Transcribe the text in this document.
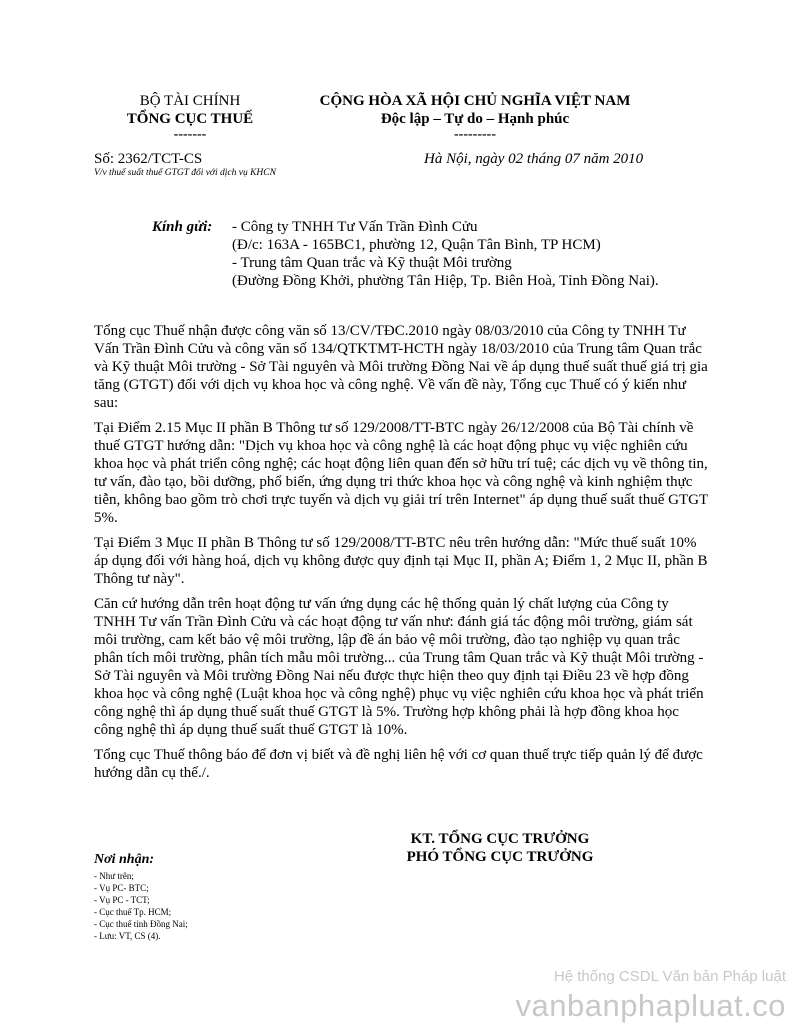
BỘ TÀI CHÍNH
TỔNG CỤC THUẾ
-------
CỘNG HÒA XÃ HỘI CHỦ NGHĨA VIỆT NAM
Độc lập – Tự do – Hạnh phúc
---------
Số: 2362/TCT-CS
V/v thuế suất thuế GTGT đối với dịch vụ KHCN
Hà Nội, ngày 02 tháng 07 năm 2010
Kính gửi: - Công ty TNHH Tư Vấn Trần Đình Cửu
(Đ/c: 163A - 165BC1, phường 12, Quận Tân Bình, TP HCM)
- Trung tâm Quan trắc và Kỹ thuật Môi trường
(Đường Đồng Khởi, phường Tân Hiệp, Tp. Biên Hoà, Tỉnh Đồng Nai).

Tổng cục Thuế nhận được công văn số 13/CV/TĐC.2010 ngày 08/03/2010 của Công ty TNHH Tư Vấn Trần Đình Cửu và công văn số 134/QTKTMT-HCTH ngày 18/03/2010 của Trung tâm Quan trắc và Kỹ thuật Môi trường - Sở Tài nguyên và Môi trường Đồng Nai về áp dụng thuế suất thuế giá trị gia tăng (GTGT) đối với dịch vụ khoa học và công nghệ. Về vấn đề này, Tổng cục Thuế có ý kiến như sau:

Tại Điểm 2.15 Mục II phần B Thông tư số 129/2008/TT-BTC ngày 26/12/2008 của Bộ Tài chính về thuế GTGT hướng dẫn: "Dịch vụ khoa học và công nghệ là các hoạt động phục vụ việc nghiên cứu khoa học và phát triển công nghệ; các hoạt động liên quan đến sở hữu trí tuệ; các dịch vụ về thông tin, tư vấn, đào tạo, bồi dưỡng, phổ biến, ứng dụng tri thức khoa học và công nghệ và kinh nghiệm thực tiễn, không bao gồm trò chơi trực tuyến và dịch vụ giải trí trên Internet" áp dụng thuế suất thuế GTGT 5%.

Tại Điểm 3 Mục II phần B Thông tư số 129/2008/TT-BTC nêu trên hướng dẫn: "Mức thuế suất 10% áp dụng đối với hàng hoá, dịch vụ không được quy định tại Mục II, phần A; Điểm 1, 2 Mục II, phần B Thông tư này".

Căn cứ hướng dẫn trên hoạt động tư vấn ứng dụng các hệ thống quản lý chất lượng của Công ty TNHH Tư vấn Trần Đình Cửu và các hoạt động tư vấn như: đánh giá tác động môi trường, giám sát môi trường, cam kết bảo vệ môi trường, lập đề án bảo vệ môi trường, đào tạo nghiệp vụ quan trắc phân tích môi trường, phân tích mẫu môi trường... của Trung tâm Quan trắc và Kỹ thuật Môi trường - Sở Tài nguyên và Môi trường Đồng Nai nếu được thực hiện theo quy định tại Điều 23 về hợp đồng khoa học và công nghệ (Luật khoa học và công nghệ) phục vụ việc nghiên cứu khoa học và phát triển công nghệ thì áp dụng thuế suất thuế GTGT là 5%. Trường hợp không phải là hợp đồng khoa học công nghệ thì áp dụng thuế suất thuế GTGT là 10%.

Tổng cục Thuế thông báo để đơn vị biết và đề nghị liên hệ với cơ quan thuế trực tiếp quản lý để được hướng dẫn cụ thể./.

KT. TỔNG CỤC TRƯỞNG
PHÓ TỔNG CỤC TRƯỞNG
Nơi nhận:
- Như trên;
- Vụ PC- BTC;
- Vụ PC - TCT;
- Cục thuế Tp. HCM;
- Cục thuế tỉnh Đồng Nai;
- Lưu: VT, CS (4).
Hệ thống CSDL Văn bản Pháp luật
vanbanphapluat.co
